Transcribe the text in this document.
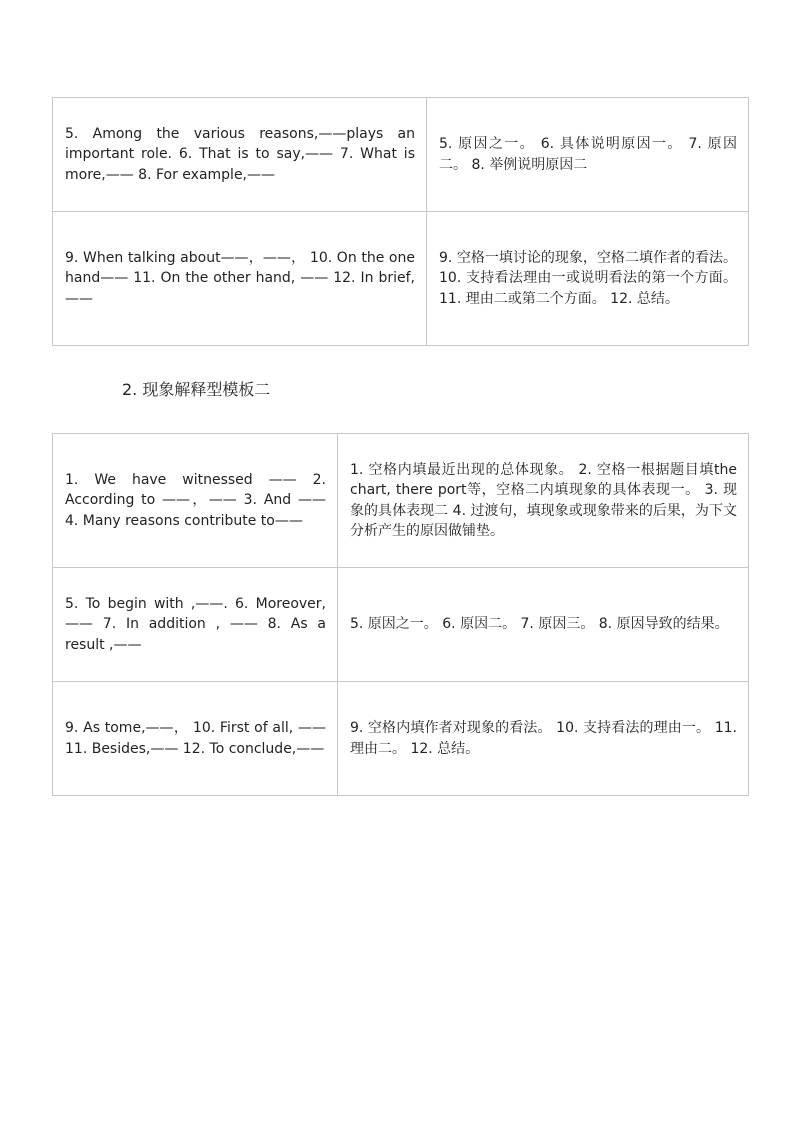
5. Among the various reasons,——plays an important role. 6. That is to say,—— 7. What is more,—— 8. For example,——	5. 原因之一。 6. 具体说明原因一。 7. 原因二。 8. 举例说明原因二
9. When talking about——，——， 10. On the one hand—— 11. On the other hand, —— 12. In brief,——	9. 空格一填讨论的现象，空格二填作者的看法。 10. 支持看法理由一或说明看法的第一个方面。 11. 理由二或第二个方面。 12. 总结。
2. 现象解释型模板二
1. We have witnessed —— 2. According to ——，—— 3. And —— 4. Many reasons contribute to——	1. 空格内填最近出现的总体现象。 2. 空格一根据题目填the chart, there port等，空格二内填现象的具体表现一。 3. 现象的具体表现二 4. 过渡句，填现象或现象带来的后果，为下文分析产生的原因做铺垫。
5. To begin with ,——. 6. Moreover,—— 7. In addition , —— 8. As a result ,——	5. 原因之一。 6. 原因二。 7. 原因三。 8. 原因导致的结果。
9. As tome,——， 10. First of all, —— 11. Besides,—— 12. To conclude,——	9. 空格内填作者对现象的看法。 10. 支持看法的理由一。 11. 理由二。 12. 总结。
